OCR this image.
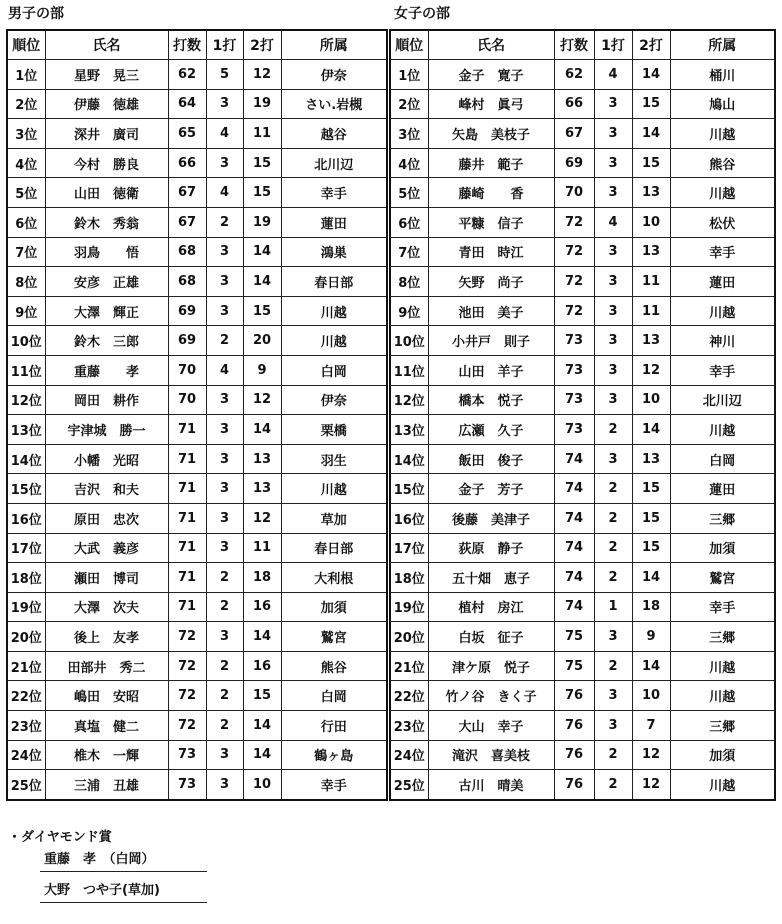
男子の部	女子の部
順位	氏名	打数	1打	2打	所属
1位	星野　晃三	62	5	12	伊奈
2位	伊藤　徳雄	64	3	19	さい.岩槻
3位	深井　廣司	65	4	11	越谷
4位	今村　勝良	66	3	15	北川辺
5位	山田　徳衛	67	4	15	幸手
6位	鈴木　秀翁	67	2	19	蓮田
7位	羽鳥　　悟	68	3	14	鴻巣
8位	安彦　正雄	68	3	14	春日部
9位	大澤　輝正	69	3	15	川越
10位	鈴木　三郎	69	2	20	川越
11位	重藤　　孝	70	4	9	白岡
12位	岡田　耕作	70	3	12	伊奈
13位	宇津城　勝一	71	3	14	栗橋
14位	小幡　光昭	71	3	13	羽生
15位	吉沢　和夫	71	3	13	川越
16位	原田　忠次	71	3	12	草加
17位	大武　義彦	71	3	11	春日部
18位	瀬田　博司	71	2	18	大利根
19位	大澤　次夫	71	2	16	加須
20位	後上　友孝	72	3	14	鷲宮
21位	田部井　秀二	72	2	16	熊谷
22位	嶋田　安昭	72	2	15	白岡
23位	真塩　健二	72	2	14	行田
24位	椎木　一輝	73	3	14	鶴ヶ島
25位	三浦　丑雄	73	3	10	幸手
順位	氏名	打数	1打	2打	所属
1位	金子　寛子	62	4	14	桶川
2位	峰村　眞弓	66	3	15	鳩山
3位	矢島　美枝子	67	3	14	川越
4位	藤井　範子	69	3	15	熊谷
5位	藤崎　　香	70	3	13	川越
6位	平糠　信子	72	4	10	松伏
7位	青田　時江	72	3	13	幸手
8位	矢野　尚子	72	3	11	蓮田
9位	池田　美子	72	3	11	川越
10位	小井戸　則子	73	3	13	神川
11位	山田　羊子	73	3	12	幸手
12位	橋本　悦子	73	3	10	北川辺
13位	広瀬　久子	73	2	14	川越
14位	飯田　俊子	74	3	13	白岡
15位	金子　芳子	74	2	15	蓮田
16位	後藤　美津子	74	2	15	三郷
17位	荻原　静子	74	2	15	加須
18位	五十畑　恵子	74	2	14	鷲宮
19位	植村　房江	74	1	18	幸手
20位	白坂　征子	75	3	9	三郷
21位	津ケ原　悦子	75	2	14	川越
22位	竹ノ谷　きく子	76	3	10	川越
23位	大山　幸子	76	3	7	三郷
24位	滝沢　喜美枝	76	2	12	加須
25位	古川　晴美	76	2	12	川越
・ダイヤモンド賞
重藤　孝　（白岡）
大野　つや子(草加)
